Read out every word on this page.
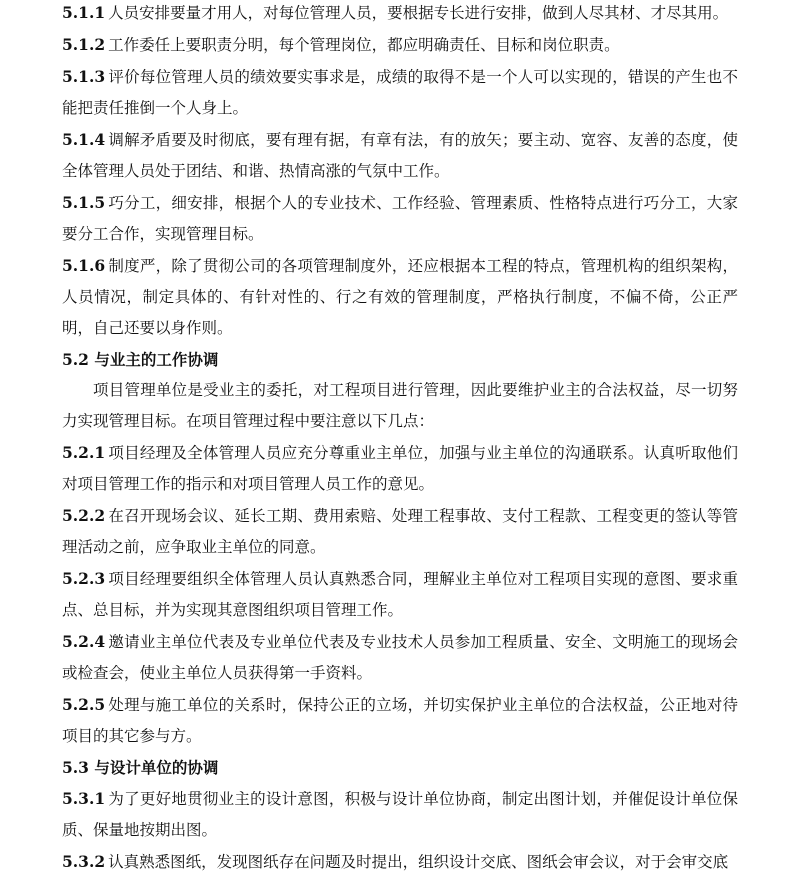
5.1.1 人员安排要量才用人，对每位管理人员，要根据专长进行安排，做到人尽其材、才尽其用。

5.1.2 工作委任上要职责分明，每个管理岗位，都应明确责任、目标和岗位职责。

5.1.3 评价每位管理人员的绩效要实事求是，成绩的取得不是一个人可以实现的，错误的产生也不能把责任推倒一个人身上。

5.1.4 调解矛盾要及时彻底，要有理有据，有章有法，有的放矢；要主动、宽容、友善的态度，使全体管理人员处于团结、和谐、热情高涨的气氛中工作。

5.1.5 巧分工，细安排，根据个人的专业技术、工作经验、管理素质、性格特点进行巧分工，大家要分工合作，实现管理目标。

5.1.6 制度严，除了贯彻公司的各项管理制度外，还应根据本工程的特点，管理机构的组织架构，人员情况，制定具体的、有针对性的、行之有效的管理制度，严格执行制度，不偏不倚，公正严明，自己还要以身作则。

5.2 与业主的工作协调

项目管理单位是受业主的委托，对工程项目进行管理，因此要维护业主的合法权益，尽一切努力实现管理目标。在项目管理过程中要注意以下几点：

5.2.1 项目经理及全体管理人员应充分尊重业主单位，加强与业主单位的沟通联系。认真听取他们对项目管理工作的指示和对项目管理人员工作的意见。

5.2.2 在召开现场会议、延长工期、费用索赔、处理工程事故、支付工程款、工程变更的签认等管理活动之前，应争取业主单位的同意。

5.2.3 项目经理要组织全体管理人员认真熟悉合同，理解业主单位对工程项目实现的意图、要求重点、总目标，并为实现其意图组织项目管理工作。

5.2.4 邀请业主单位代表及专业单位代表及专业技术人员参加工程质量、安全、文明施工的现场会或检查会，使业主单位人员获得第一手资料。

5.2.5 处理与施工单位的关系时，保持公正的立场，并切实保护业主单位的合法权益，公正地对待项目的其它参与方。

5.3 与设计单位的协调

5.3.1 为了更好地贯彻业主的设计意图，积极与设计单位协商，制定出图计划，并催促设计单位保质、保量地按期出图。

5.3.2 认真熟悉图纸，发现图纸存在问题及时提出，组织设计交底、图纸会审会议，对于会审交底
